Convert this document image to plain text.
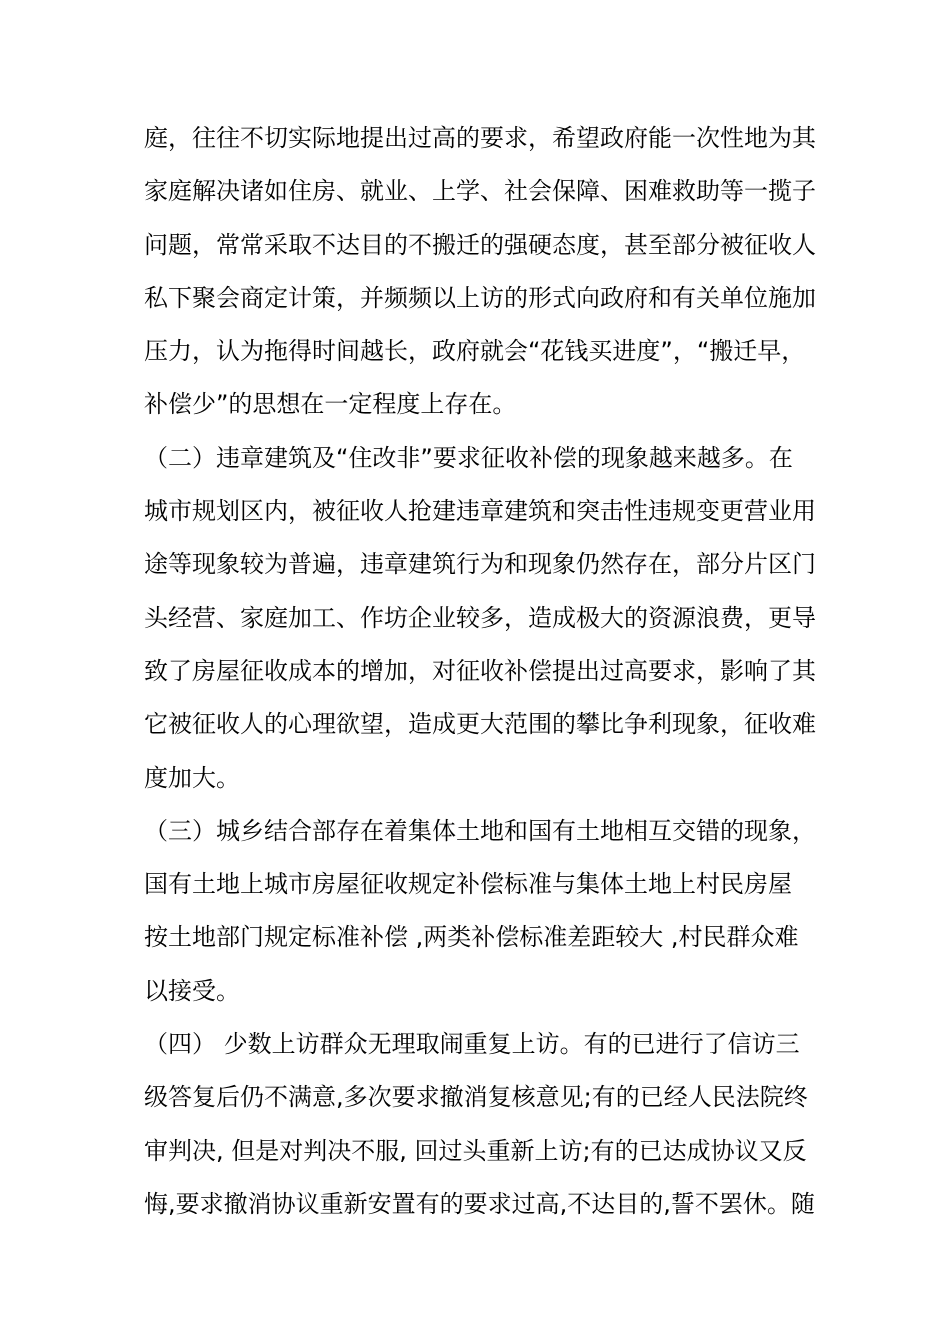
庭，往往不切实际地提出过高的要求，希望政府能一次性地为其
家庭解决诸如住房、就业、上学、社会保障、困难救助等一揽子
问题，常常采取不达目的不搬迁的强硬态度，甚至部分被征收人
私下聚会商定计策，并频频以上访的形式向政府和有关单位施加
压力，认为拖得时间越长，政府就会“花钱买进度”，“搬迁早，
补偿少”的思想在一定程度上存在。
（二）违章建筑及“住改非”要求征收补偿的现象越来越多。在
城市规划区内，被征收人抢建违章建筑和突击性违规变更营业用
途等现象较为普遍，违章建筑行为和现象仍然存在，部分片区门
头经营、家庭加工、作坊企业较多，造成极大的资源浪费，更导
致了房屋征收成本的增加，对征收补偿提出过高要求，影响了其
它被征收人的心理欲望，造成更大范围的攀比争利现象，征收难
度加大。
（三）城乡结合部存在着集体土地和国有土地相互交错的现象，
国有土地上城市房屋征收规定补偿标准与集体土地上村民房屋
按土地部门规定标准补偿 ,两类补偿标准差距较大 ,村民群众难
以接受。
（四） 少数上访群众无理取闹重复上访。有的已进行了信访三
级答复后仍不满意,多次要求撤消复核意见;有的已经人民法院终
审判决, 但是对判决不服, 回过头重新上访;有的已达成协议又反
悔,要求撤消协议重新安置有的要求过高,不达目的,誓不罢休。随
